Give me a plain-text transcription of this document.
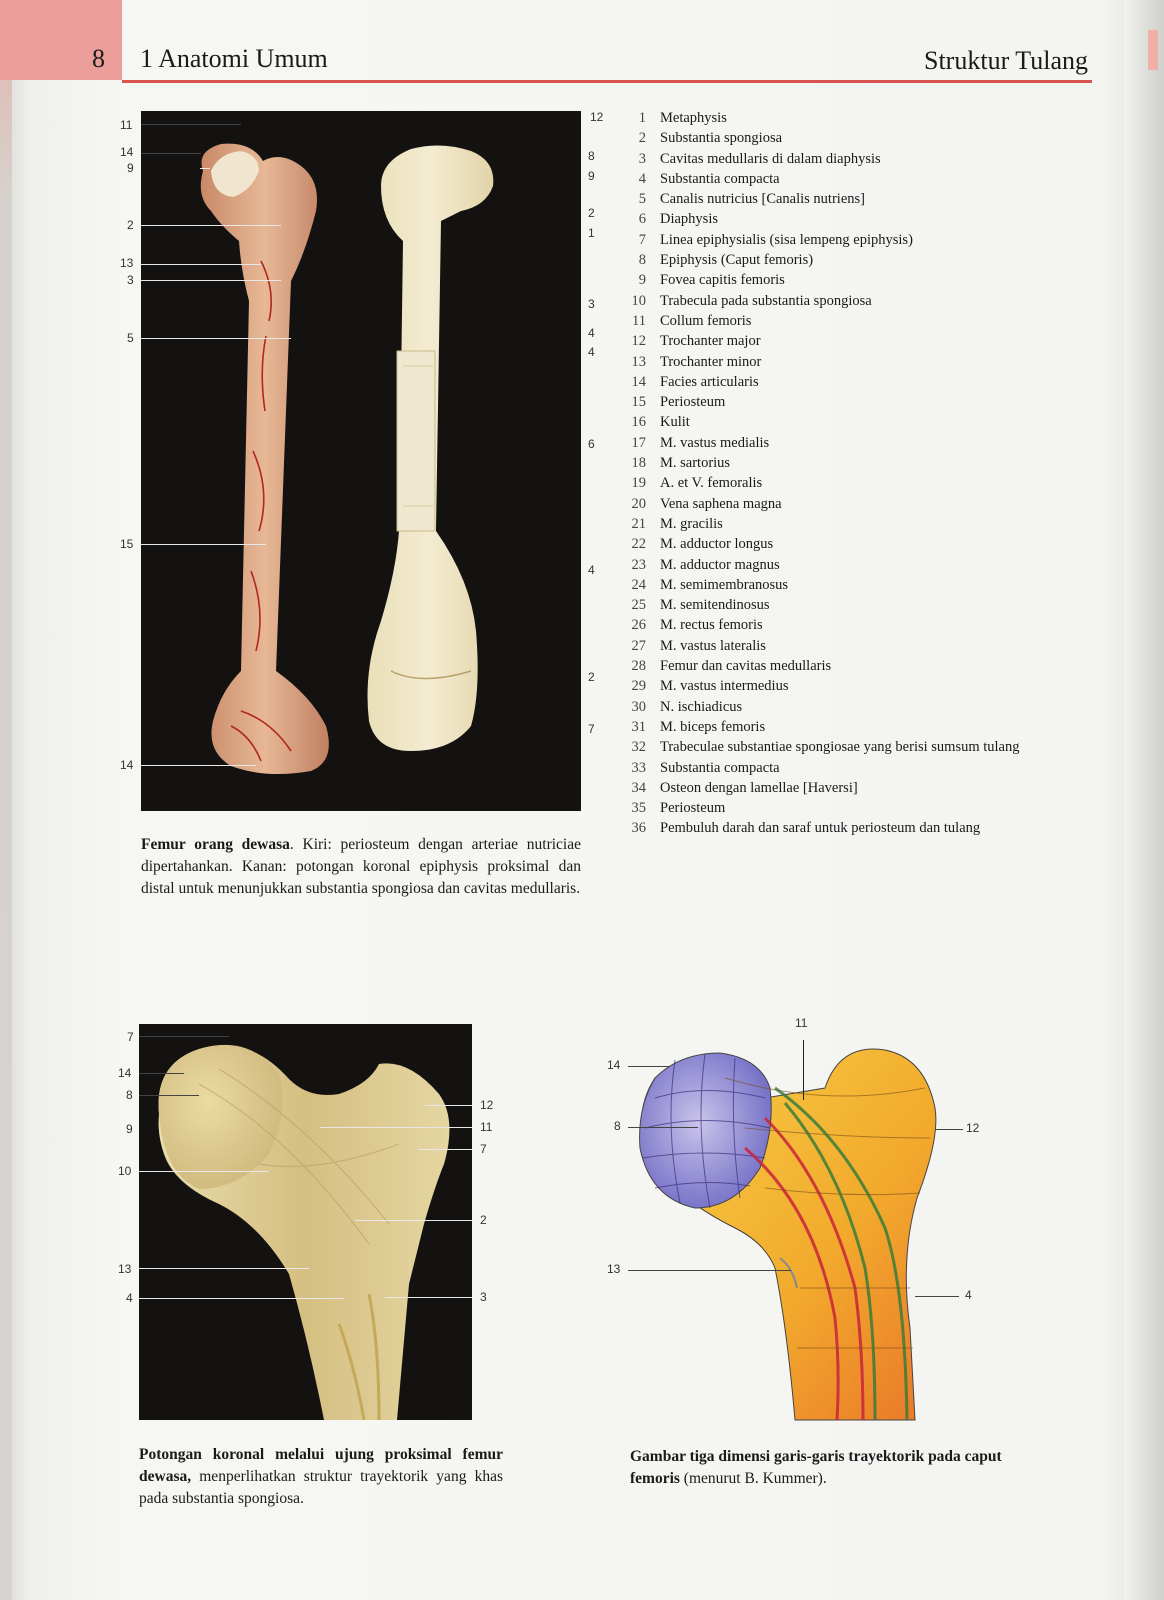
8 1 Anatomi Umum	Struktur Tulang
11
14
9
2
13
3
5
15
14
12
8
9
2
1
3
4
4
6
4
2
7
Femur orang dewasa. Kiri: periosteum dengan arteriae nutriciae dipertahankan. Kanan: potongan koronal epiphysis proksimal dan distal untuk menunjukkan substantia spongiosa dan cavitas medullaris.
1 Metaphysis
2 Substantia spongiosa
3 Cavitas medullaris di dalam diaphysis
4 Substantia compacta
5 Canalis nutricius [Canalis nutriens]
6 Diaphysis
7 Linea epiphysialis (sisa lempeng epiphysis)
8 Epiphysis (Caput femoris)
9 Fovea capitis femoris
10 Trabecula pada substantia spongiosa
11 Collum femoris
12 Trochanter major
13 Trochanter minor
14 Facies articularis
15 Periosteum
16 Kulit
17 M. vastus medialis
18 M. sartorius
19 A. et V. femoralis
20 Vena saphena magna
21 M. gracilis
22 M. adductor longus
23 M. adductor magnus
24 M. semimembranosus
25 M. semitendinosus
26 M. rectus femoris
27 M. vastus lateralis
28 Femur dan cavitas medullaris
29 M. vastus intermedius
30 N. ischiadicus
31 M. biceps femoris
32 Trabeculae substantiae spongiosae yang berisi sumsum tulang
33 Substantia compacta
34 Osteon dengan lamellae [Haversi]
35 Periosteum
36 Pembuluh darah dan saraf untuk periosteum dan tulang
7
14
8
9
10
13
4
12
11
7
2
3
Potongan koronal melalui ujung proksimal femur dewasa, menperlihatkan struktur trayektorik yang khas pada substantia spongiosa.
11
14
8
13
12
4
Gambar tiga dimensi garis-garis trayektorik pada caput femoris (menurut B. Kummer).
